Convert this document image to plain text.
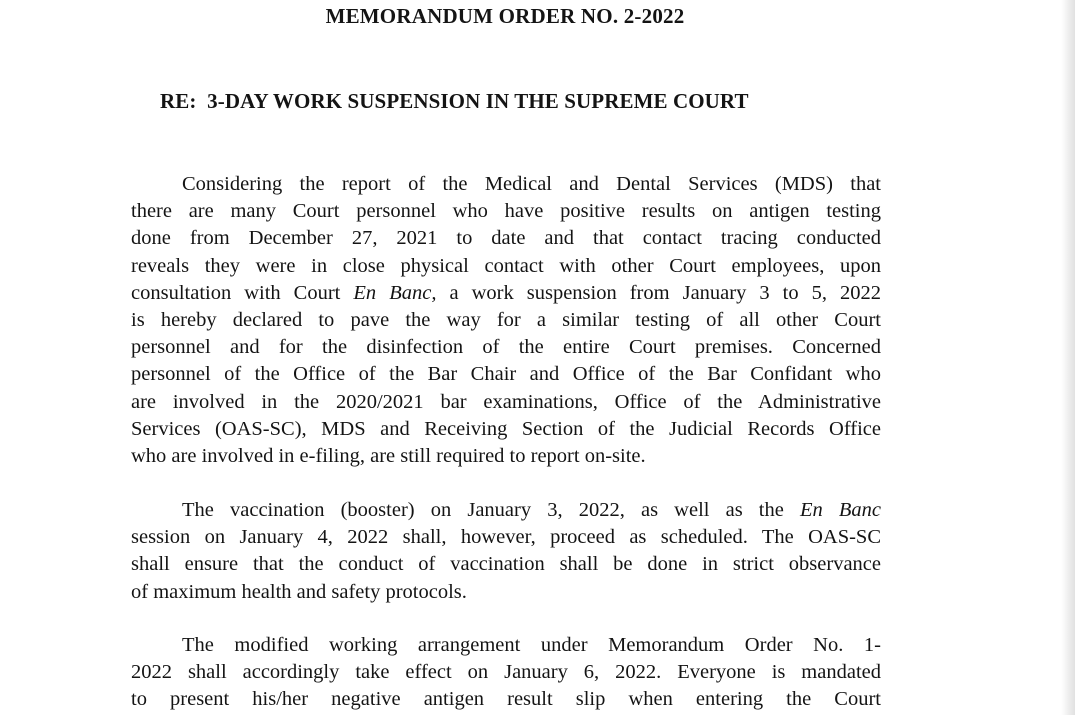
MEMORANDUM ORDER NO. 2-2022
RE:  3-DAY WORK SUSPENSION IN THE SUPREME COURT
Considering the report of the Medical and Dental Services (MDS) that
there are many Court personnel who have positive results on antigen testing
done from December 27, 2021 to date and that contact tracing conducted
reveals they were in close physical contact with other Court employees, upon
consultation with Court En Banc, a work suspension from January 3 to 5, 2022
is hereby declared to pave the way for a similar testing of all other Court
personnel and for the disinfection of the entire Court premises. Concerned
personnel of the Office of the Bar Chair and Office of the Bar Confidant who
are involved in the 2020/2021 bar examinations, Office of the Administrative
Services (OAS-SC), MDS and Receiving Section of the Judicial Records Office
who are involved in e-filing, are still required to report on-site.
The vaccination (booster) on January 3, 2022, as well as the En Banc
session on January 4, 2022 shall, however, proceed as scheduled. The OAS-SC
shall ensure that the conduct of vaccination shall be done in strict observance
of maximum health and safety protocols.
The modified working arrangement under Memorandum Order No. 1-
2022 shall accordingly take effect on January 6, 2022. Everyone is mandated
to present his/her negative antigen result slip when entering the Court
